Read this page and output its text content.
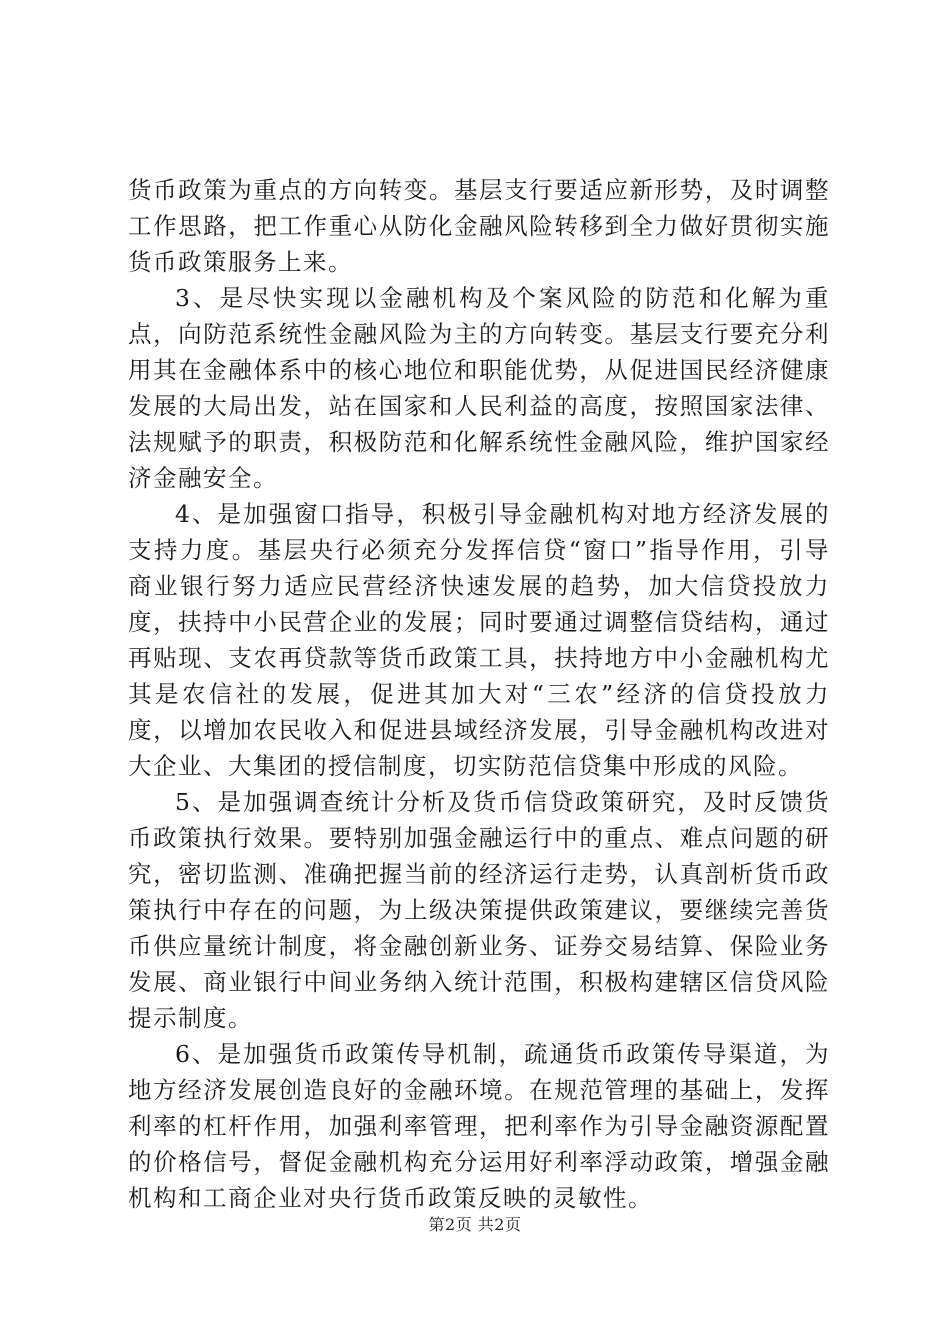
货币政策为重点的方向转变。基层支行要适应新形势，及时调整工作思路，把工作重心从防化金融风险转移到全力做好贯彻实施货币政策服务上来。

3、是尽快实现以金融机构及个案风险的防范和化解为重点，向防范系统性金融风险为主的方向转变。基层支行要充分利用其在金融体系中的核心地位和职能优势，从促进国民经济健康发展的大局出发，站在国家和人民利益的高度，按照国家法律、法规赋予的职责，积极防范和化解系统性金融风险，维护国家经济金融安全。

4、是加强窗口指导，积极引导金融机构对地方经济发展的支持力度。基层央行必须充分发挥信贷“窗口”指导作用，引导商业银行努力适应民营经济快速发展的趋势，加大信贷投放力度，扶持中小民营企业的发展；同时要通过调整信贷结构，通过再贴现、支农再贷款等货币政策工具，扶持地方中小金融机构尤其是农信社的发展，促进其加大对“三农”经济的信贷投放力度，以增加农民收入和促进县域经济发展，引导金融机构改进对大企业、大集团的授信制度，切实防范信贷集中形成的风险。

5、是加强调查统计分析及货币信贷政策研究，及时反馈货币政策执行效果。要特别加强金融运行中的重点、难点问题的研究，密切监测、准确把握当前的经济运行走势，认真剖析货币政策执行中存在的问题，为上级决策提供政策建议，要继续完善货币供应量统计制度，将金融创新业务、证券交易结算、保险业务发展、商业银行中间业务纳入统计范围，积极构建辖区信贷风险提示制度。

6、是加强货币政策传导机制，疏通货币政策传导渠道，为地方经济发展创造良好的金融环境。在规范管理的基础上，发挥利率的杠杆作用，加强利率管理，把利率作为引导金融资源配置的价格信号，督促金融机构充分运用好利率浮动政策，增强金融机构和工商企业对央行货币政策反映的灵敏性。

第2页 共2页
